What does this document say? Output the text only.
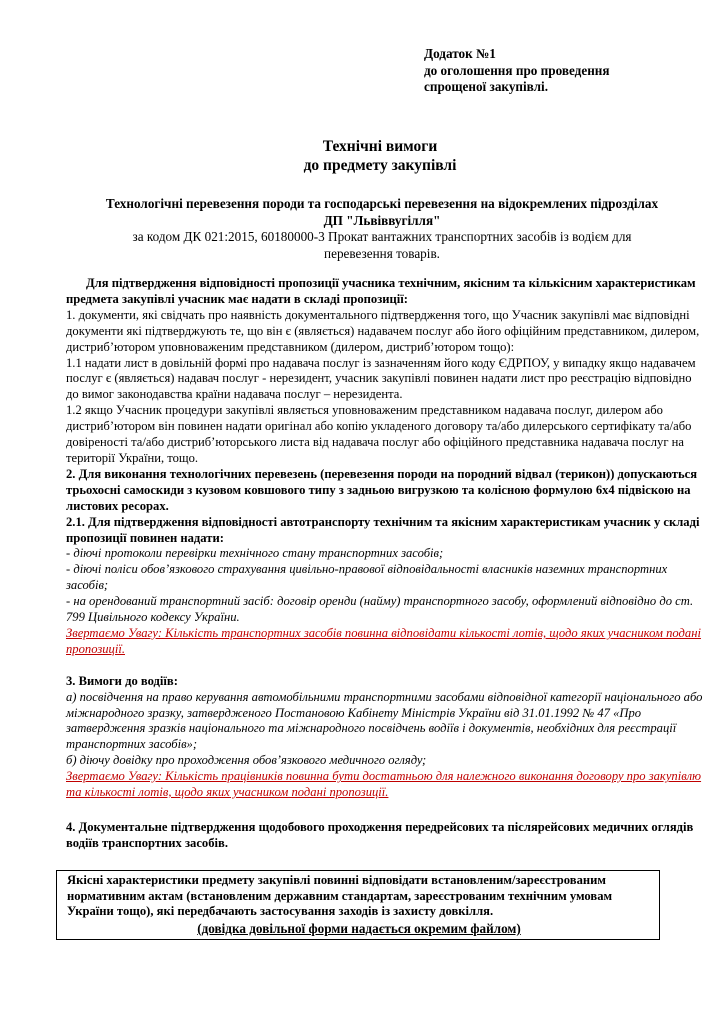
Додаток №1
до оголошення про проведення
спрощеної закупівлі.
Технічні вимоги
до предмету закупівлі
Технологічні перевезення породи та господарські перевезення на відокремлених підрозділах
ДП "Львіввугілля"
за кодом ДК 021:2015, 60180000-3 Прокат вантажних транспортних засобів із водієм для
перевезення товарів.

Для підтвердження відповідності пропозиції учасника технічним, якісним та кількісним характеристикам предмета закупівлі учасник має надати в складі пропозиції:

1. документи, які свідчать про наявність документального підтвердження того, що Учасник закупівлі має відповідні документи які підтверджують те, що він є (являється) надавачем послуг або його офіційним представником, дилером, дистриб’ютором уповноваженим представником (дилером, дистриб’ютором тощо):

1.1 надати лист в довільній формі про надавача послуг із зазначенням його коду ЄДРПОУ, у випадку якщо надавачем послуг є (являється) надавач послуг - нерезидент, учасник закупівлі повинен надати лист про реєстрацію відповідно до вимог законодавства країни надавача послуг – нерезидента.

1.2 якщо Учасник процедури закупівлі являється уповноваженим представником надавача послуг, дилером або дистриб’ютором він повинен надати оригінал або копію укладеного договору та/або дилерського сертифікату та/або довіреності та/або дистриб’юторського листа від надавача послуг або офіційного представника надавача послуг на території України, тощо.

2. Для виконання технологічних перевезень (перевезення породи на породний відвал (терикон)) допускаються трьохосні самоскиди з кузовом ковшового типу з задньою вигрузкою та колісною формулою 6х4 підвіскою на листових ресорах.

2.1. Для підтвердження відповідності автотранспорту технічним та якісним характеристикам учасник у складі пропозиції повинен надати:

- діючі протоколи перевірки технічного стану транспортних засобів;

- діючі поліси обов’язкового страхування цивільно-правової відповідальності власників наземних транспортних засобів;

- на орендований транспортний засіб: договір оренди (найму) транспортного засобу, оформлений відповідно до ст. 799 Цивільного кодексу України.

Звертаємо Увагу: Кількість транспортних засобів повинна відповідати кількості лотів, щодо яких учасником подані пропозиції.

3. Вимоги до водіїв:

а) посвідчення на право керування автомобільними транспортними засобами відповідної категорії національного або міжнародного зразку, затвердженого Постановою Кабінету Міністрів України від 31.01.1992 № 47 «Про затвердження зразків національного та міжнародного посвідчень водіїв і документів, необхідних для реєстрації транспортних засобів»;

б) діючу довідку про проходження обов’язкового медичного огляду;

Звертаємо Увагу: Кількість працівників повинна бути достатньою для належного виконання договору про закупівлю та кількості лотів, щодо яких учасником подані пропозиції.

4. Документальне підтвердження щодобового проходження передрейсових та післярейсових медичних оглядів водіїв транспортних засобів.

Якісні характеристики предмету закупівлі повинні відповідати встановленим/зареєстрованим нормативним актам (встановленим державним стандартам, зареєстрованим технічним умовам України тощо), які передбачають застосування заходів із захисту довкілля.
(довідка довільної форми надається окремим файлом)
